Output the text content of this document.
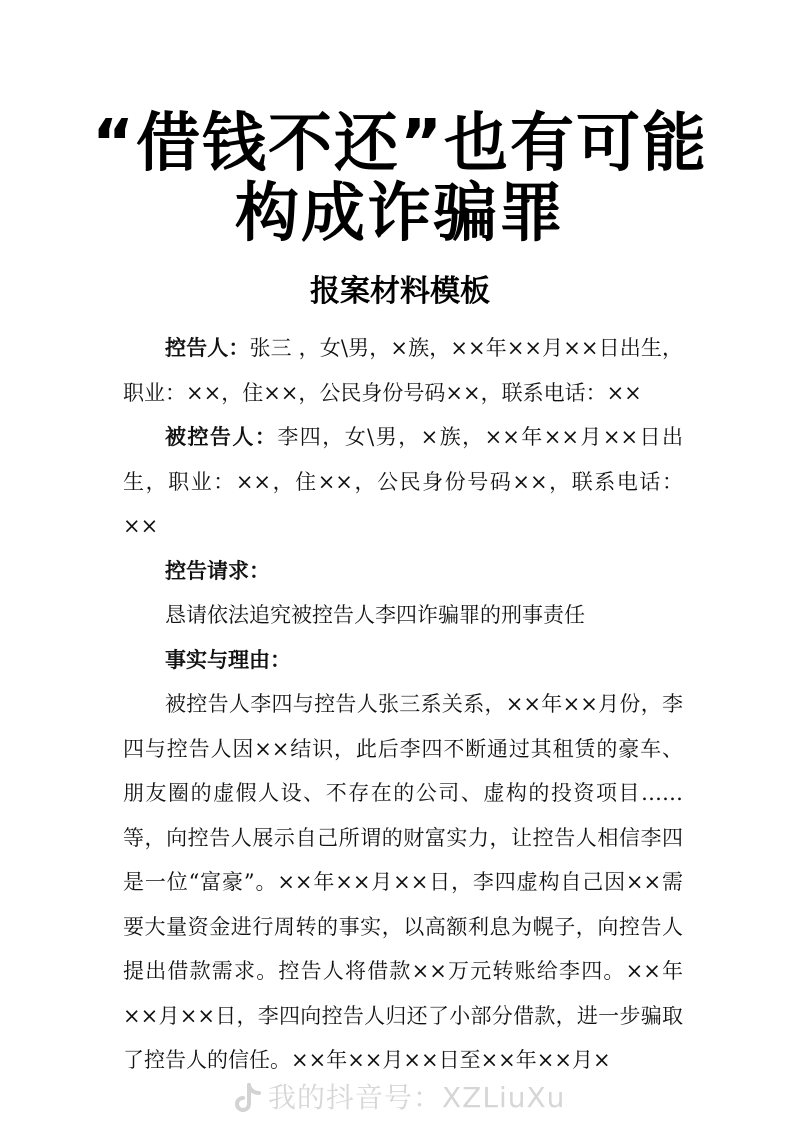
“借钱不还”也有可能
构成诈骗罪
报案材料模板

控告人：张三 ，女\男，×族，××年××月××日出生，职业：××，住××，公民身份号码××，联系电话：××

被控告人：李四，女\男，×族，××年××月××日出生，职业：××，住××，公民身份号码××，联系电话：××

控告请求：

恳请依法追究被控告人李四诈骗罪的刑事责任

事实与理由：

被控告人李四与控告人张三系关系，××年××月份，李四与控告人因××结识，此后李四不断通过其租赁的豪车、朋友圈的虚假人设、不存在的公司、虚构的投资项目……等，向控告人展示自己所谓的财富实力，让控告人相信李四是一位“富豪”。××年××月××日，李四虚构自己因××需要大量资金进行周转的事实，以高额利息为幌子，向控告人提出借款需求。控告人将借款××万元转账给李四。××年××月××日，李四向控告人归还了小部分借款，进一步骗取了控告人的信任。××年××月××日至××年××月×

我的抖音号：XZLiuXu
